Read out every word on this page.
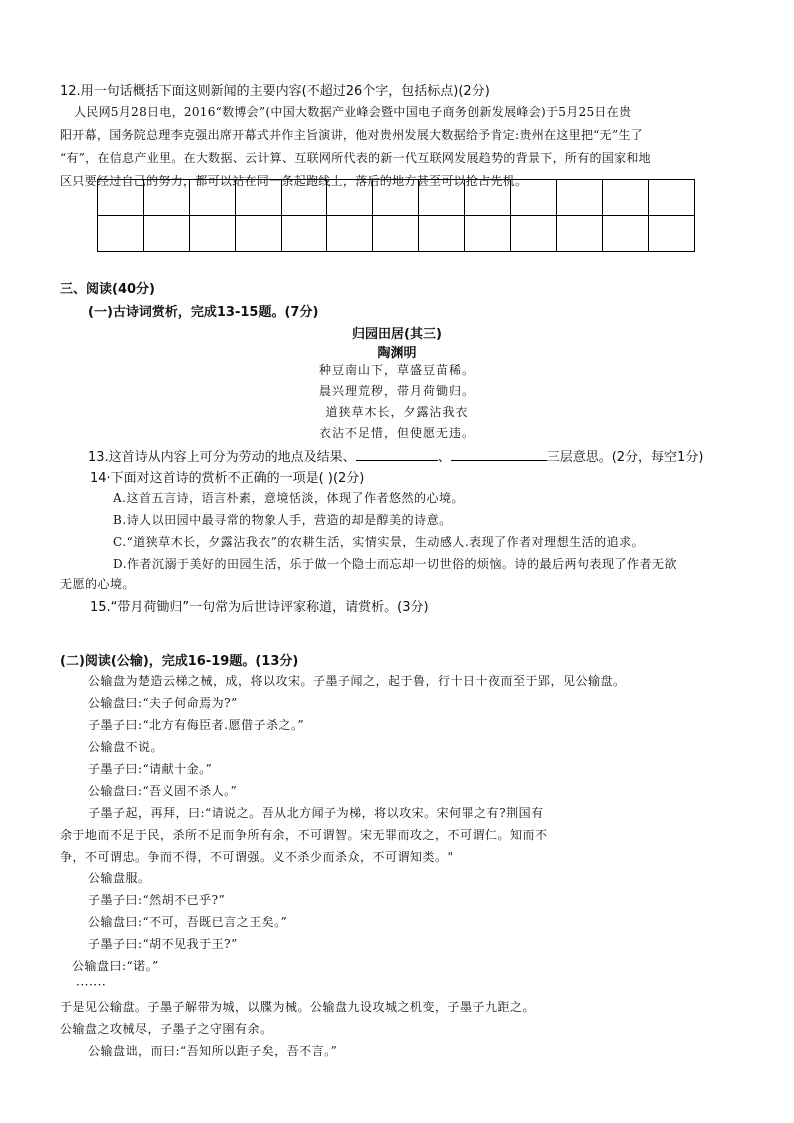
12.用一句话概括下面这则新闻的主要内容(不超过26个字，包括标点)(2分)
人民网5月28日电，2016“数博会”(中国大数据产业峰会暨中国电子商务创新发展峰会)于5月25日在贵
阳开幕，国务院总理李克强出席开幕式并作主旨演讲，他对贵州发展大数据给予肯定:贵州在这里把“无”生了
“有”，在信息产业里。在大数据、云计算、互联网所代表的新一代互联网发展趋势的背景下，所有的国家和地
区只要经过自己的努力，都可以站在同一条起跑线上，落后的地方甚至可以抢占先机。

三、阅读(40分)
(一)古诗词赏析，完成13-15题。(7分)
归园田居(其三)
陶渊明
种豆南山下，草盛豆苗稀。
晨兴理荒秽，带月荷锄归。
道狭草木长，夕露沾我衣
衣沾不足惜，但使愿无违。
13.这首诗从内容上可分为劳动的地点及结果、	、	三层意思。(2分，每空1分)
14·下面对这首诗的赏析不正确的一项是( )(2分)
A.这首五言诗，语言朴素，意境恬淡，体现了作者悠然的心境。
B.诗人以田园中最寻常的物象人手，营造的却是醇美的诗意。
C.“道狭草木长，夕露沾我衣”的农耕生活，实情实景，生动感人.表现了作者对理想生活的追求。
D.作者沉溺于美好的田园生活，乐于做一个隐士而忘却一切世俗的烦恼。诗的最后两句表现了作者无欲
无愿的心境。
15.“带月荷锄归”一句常为后世诗评家称道，请赏析。(3分)
(二)阅读(公输)，完成16-19题。(13分)
公输盘为楚造云梯之械，成，将以攻宋。子墨子闻之，起于鲁，行十日十夜而至于郢，见公输盘。
公输盘曰:“夫子何命焉为?”
子墨子曰:“北方有侮臣者.愿借子杀之。”
公输盘不说。
子墨子曰:“请献十金。”
公输盘曰:“吾义固不杀人。”
子墨子起，再拜，曰:“请说之。吾从北方闻子为梯，将以攻宋。宋何罪之有?荆国有
余于地而不足于民，杀所不足而争所有余，不可谓智。宋无罪而攻之，不可谓仁。知而不
争，不可谓忠。争而不得，不可谓强。义不杀少而杀众，不可谓知类。"
公输盘服。
子墨子曰:“然胡不已乎?”
公输盘曰:“不可，吾既已言之王矣。”
子墨子曰:“胡不见我于王?”
公输盘曰:“诺。”
·······
于是见公输盘。子墨子解带为城，以牒为械。公输盘九设攻城之机变，子墨子九距之。
公输盘之攻械尽，子墨子之守圉有余。
公输盘诎，而曰:“吾知所以距子矣，吾不言。”
